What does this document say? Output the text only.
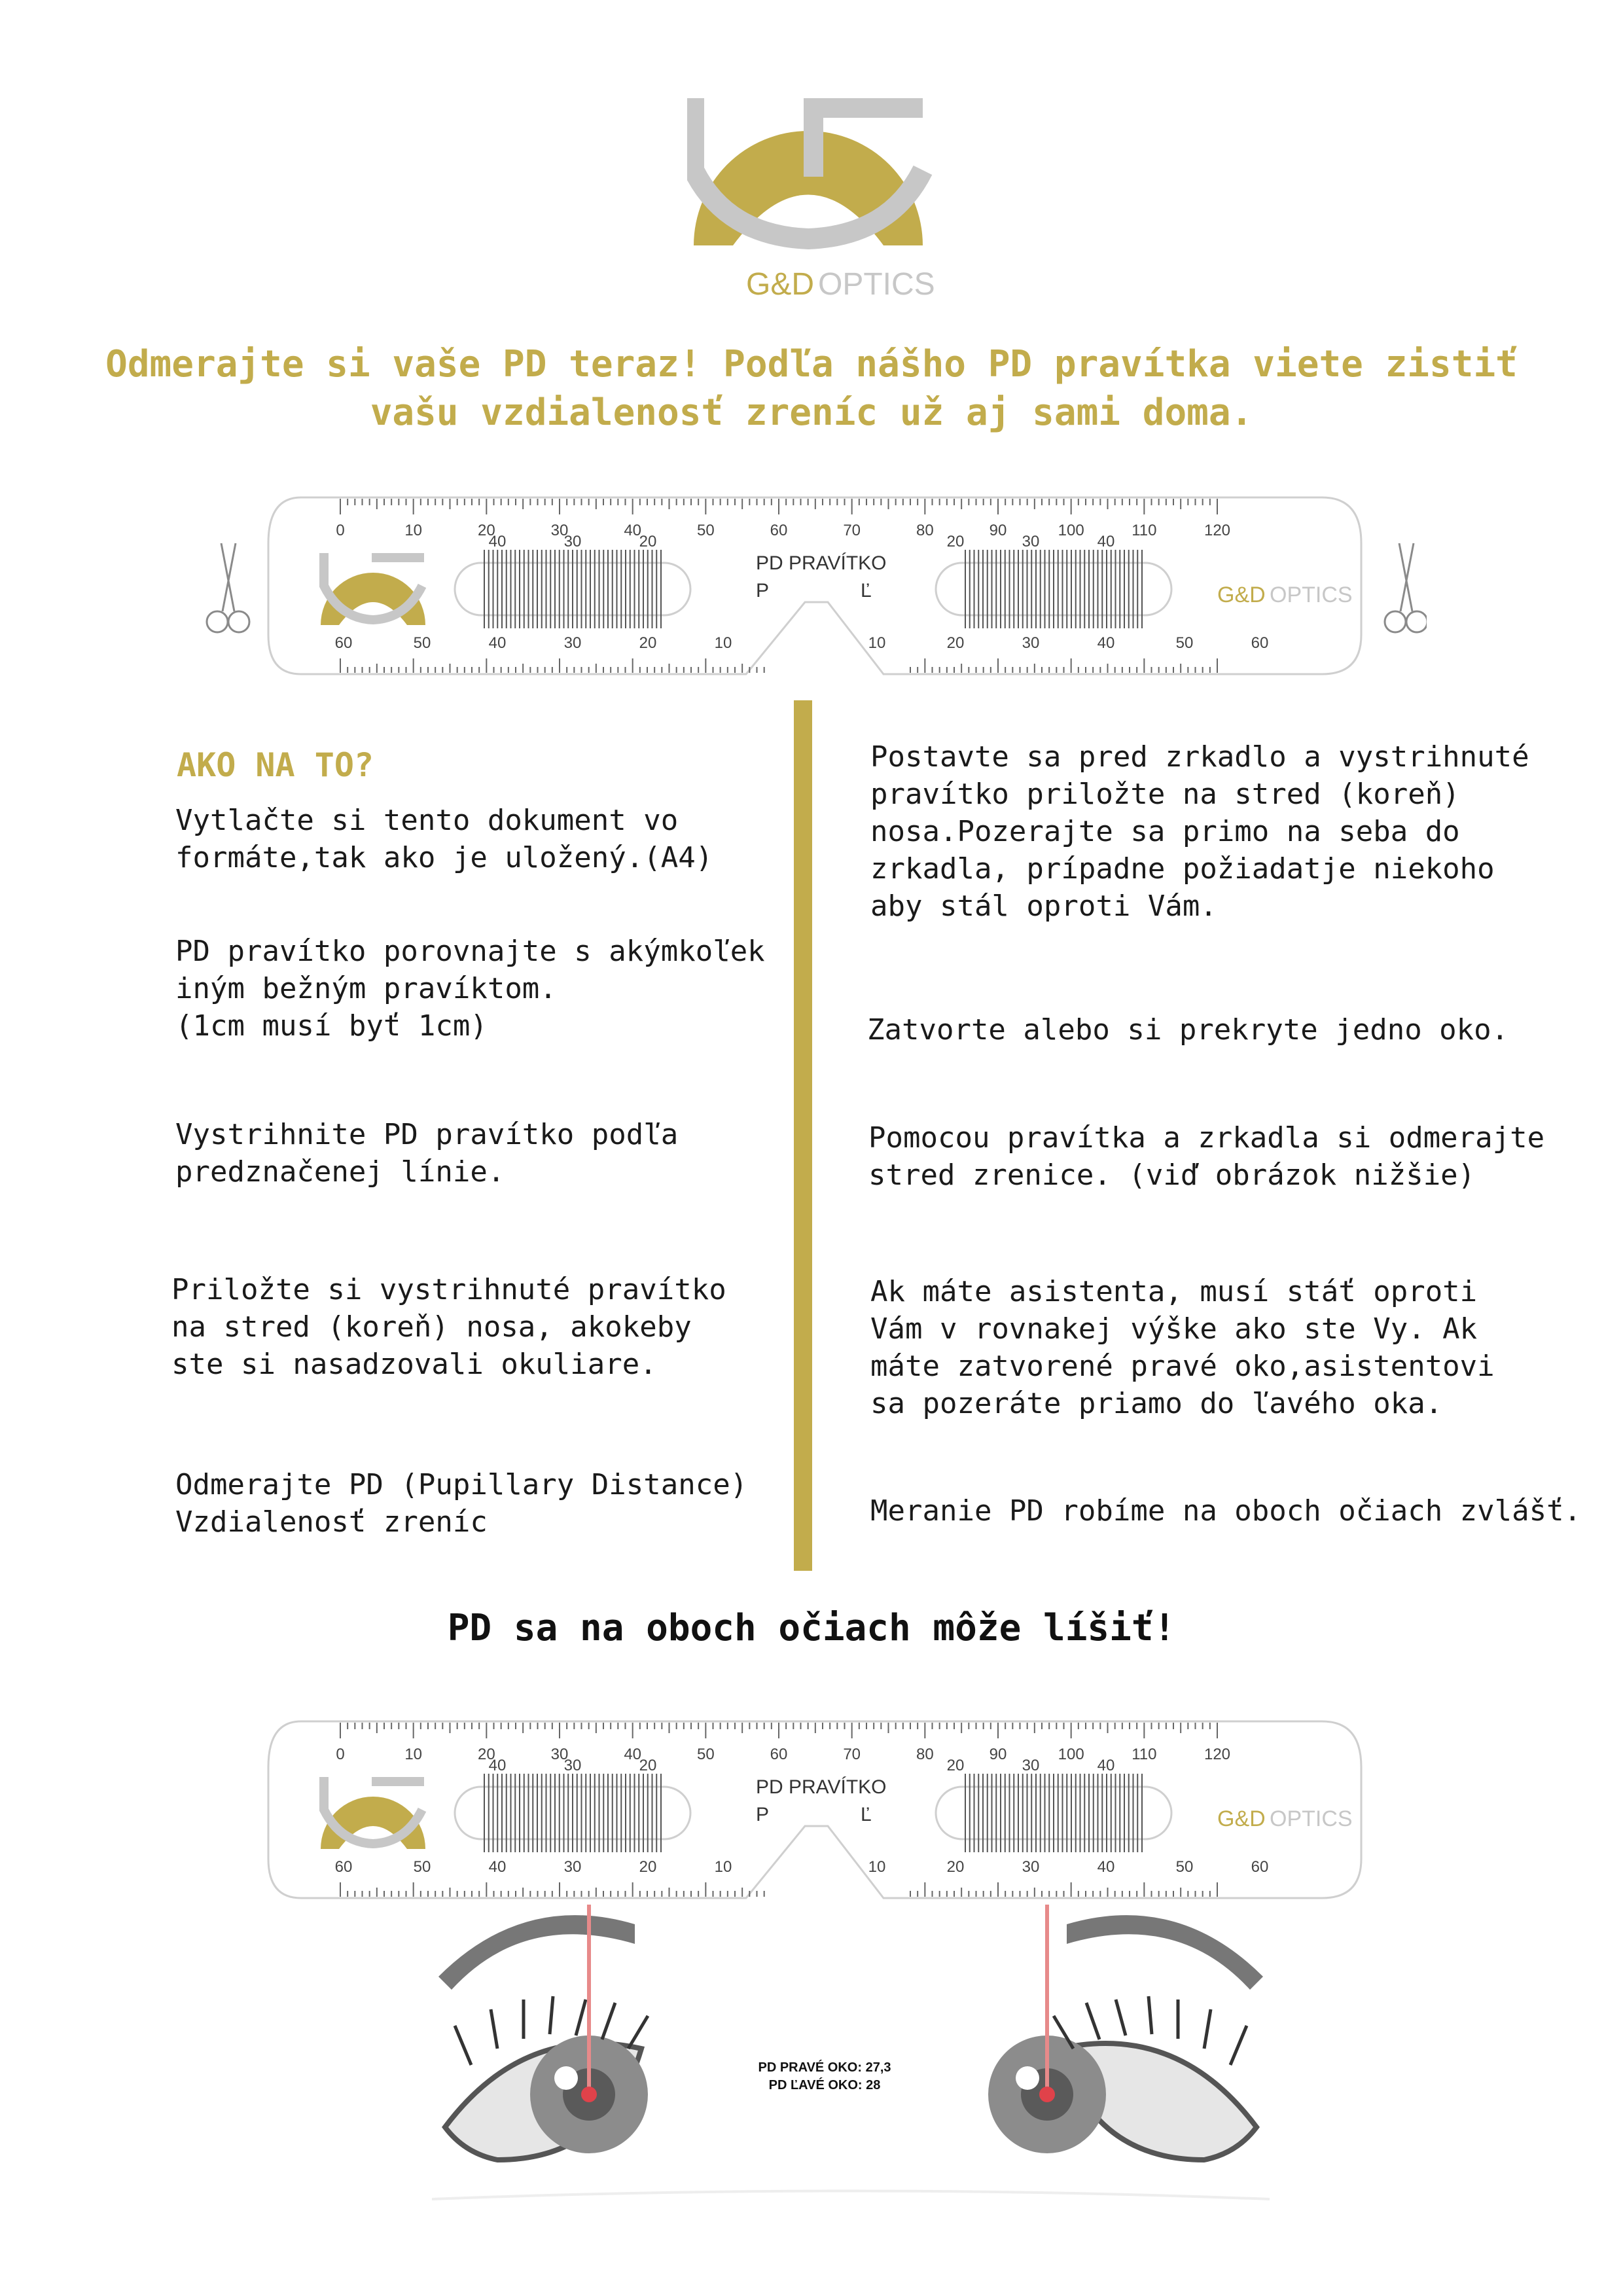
G&D OPTICS
Odmerajte si vaše PD teraz! Podľa nášho PD pravítka viete zistiť
vašu vzdialenosť zreníc už aj sami doma.
0	10	20	30	40	50	60	70	80	90	100	110	120
60	50	40	30	20	10	10	20	30	40	50	60
40	30	20	20	30	40
G&D OPTICS
PD PRAVÍTKO
P	Ľ
AKO NA TO?
Vytlačte si tento dokument vo
formáte,tak ako je uložený.(A4)
PD pravítko porovnajte s akýmkoľek
iným bežným pravíktom.
(1cm musí byť 1cm)
Vystrihnite PD pravítko podľa
predznačenej línie.
Priložte si vystrihnuté pravítko
na stred (koreň) nosa, akokeby
ste si nasadzovali okuliare.
Odmerajte PD (Pupillary Distance)
Vzdialenosť zreníc
Postavte sa pred zrkadlo a vystrihnuté
pravítko priložte na stred (koreň)
nosa.Pozerajte sa primo na seba do
zrkadla, prípadne požiadatje niekoho
aby stál oproti Vám.
Zatvorte alebo si prekryte jedno oko.
Pomocou pravítka a zrkadla si odmerajte
stred zrenice. (viď obrázok nižšie)
Ak máte asistenta, musí stáť oproti
Vám v rovnakej výške ako ste Vy. Ak
máte zatvorené pravé oko,asistentovi
sa pozeráte priamo do ľavého oka.
Meranie PD robíme na oboch očiach zvlášť.
PD sa na oboch očiach môže líšiť!
0	10	20	30	40	50	60	70	80	90	100	110	120
60	50	40	30	20	10	10	20	30	40	50	60
40	30	20	20	30	40
G&D OPTICS
PD PRAVÍTKO
P	Ľ
PD PRAVÉ OKO: 27,3
PD ĽAVÉ OKO: 28
